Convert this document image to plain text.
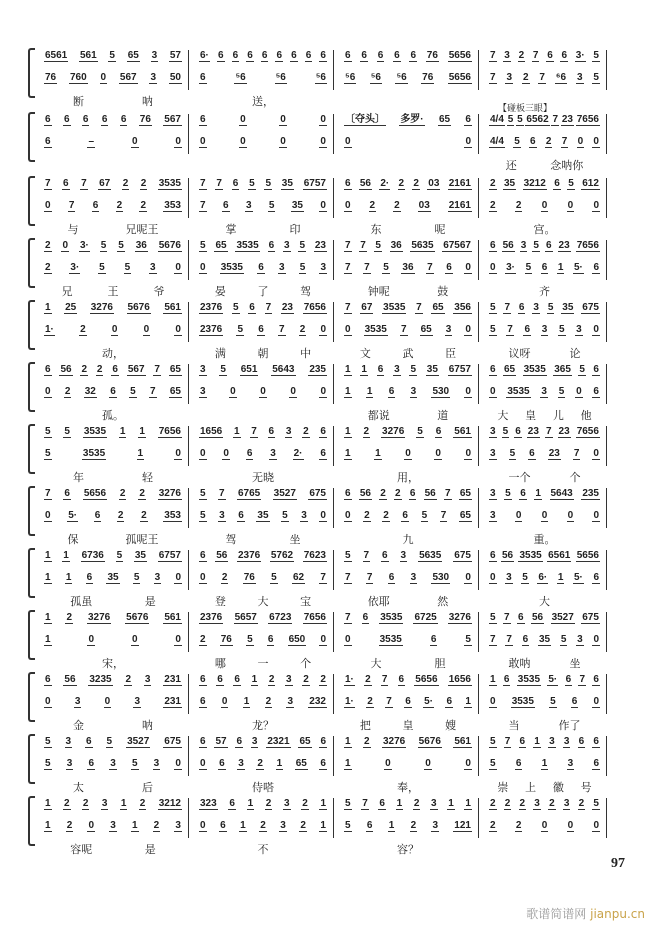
6561 561 5 65 3 57
76 760 0 567 3 50
断	呐
6· 6 6 6 6 6 6 6 6
6	⁵6	⁵6	⁵6
送，
6 6 6 6 6 76 5656
⁵6 ⁵6 ⁵6 76 5656
7 3 2 7 6 6 3· 5
7 3 2 7 ⁶6 3 5
6 6 6 6 6 76 567
6	–	0	0
6	0	0	0
0	0	0	0
〔夺头〕 多罗· 65 6
0	0
4/4 5 5 6562 7 23 7656
4/4 5 6 2 7 0 0
还	念呐你
7 6 7 67 2 2 3535
0 7 6 2 2 353
与	兄呢王
7 7 6 5 5 35 6757
7 6 3 5 35 0
掌	印
6 56 2· 2 2 03 2161
0 2 2 03 2161
东	呢
2 35 3212 6 5 612
2 2 0 0 0
宫。
2 0 3· 5 5 36 5676
2 3· 5 5 3 0
兄	王	爷
5 65 3535 6 3 5 23
0 3535 6 3 5 3
晏	了	驾
7 7 5 36 5635 67567
7 7 5 36 7 6 0
钟呢	鼓
6 56 3 5 6 23 7656
0 3· 5 6 1 5· 6
齐
1 25 3276 5676 561
1·	2	0	0	0
动，
2376 5 6 7 23 7656
2376 5 6 7 2 0
满	朝	中
7 67 3535 7 65 356
0 3535 7 65 3 0
文	武	臣
5 7 6 3 5 35 675
5 7 6 3 5 3 0
议呀	论
6 56 2 2 6 567 7 65
0 2 32 6 5 7 65
孤。
3 5 651 5643 235
3 0 0 0 0
1 1 6 3 5 35 6757
1 1 6 3 530 0
都说	道
6 65 3535 365 5 6
0 3535 3 5 0 6
大 皇 儿 他
5 5 3535 1 1 7656
5	3535	1	0
年	轻
1656 1 7 6 3 2 6
0 0 6 3 2· 6
无晓
1 2 3276 5 6 561
1 1 0 0 0
用，
3 5 6 23 7 23 7656
3 5 6 23 7 0
一个	个
7 6 5656 2 2 3276
0 5· 6 2 2 353
保	孤呢王
5 7 6765 3527 675
5 3 6 35 5 3 0
驾	坐
6 56 2 2 6 56 7 65
0 2 2 6 5 7 65
九
3 5 6 1 5643 235
3 0 0 0 0
重。
1 1 6736 5 35 6757
1 1 6 35 5 3 0
孤虽	是
6 56 2376 5762 7623
0 2 76 5 62 7
登	大	宝
5 7 6 3 5635 675
7 7 6 3 530 0
依耶	然
6 56 3535 6561 5656
0 3 5 6· 1 5· 6
大
1 2 3276 5676 561
1	0	0	0
宋，
2376 5657 6723 7656
2 76 5 6 650 0
哪	一	个
7 6 3535 6725 3276
0	3535	6	5
大	胆
5 7 6 56 3527 675
7 7 6 35 5 3 0
敢呐	坐
6 56 3235 2 3 231
0 3 0 3 231
金	呐
6 6 6 1 2 3 2 2
6 0 1 2 3 232
龙？
1· 2 7 6 5656 1656
1· 2 7 6 5· 6 1
把	皇	嫂
1 6 3535 5· 6 7 6
0 3535 5 6 0
当	作了
5 3 6 5 3527 675
5 3 6 3 5 3 0
太	后
6 57 6 3 2321 65 6
0 6 3 2 1 65 6
侍嗒
1 2 3276 5676 561
1	0	0	0
奉，
5 7 6 1 3 3 6 6
5 6 1 3 6
崇 上 徽 号
1 2 2 3 1 2 3212
1 2 0 3 1 2 3
容呢	是
323 6 1 2 3 2 1
0 6 1 2 3 2 1
不
5 7 6 1 2 3 1 1
5 6 1 2 3 121
容？
2 2 2 3 2 3 2 5
2 2 0 0 0
【碰板三眼】
97
歌谱简谱网 jianpu.cn
